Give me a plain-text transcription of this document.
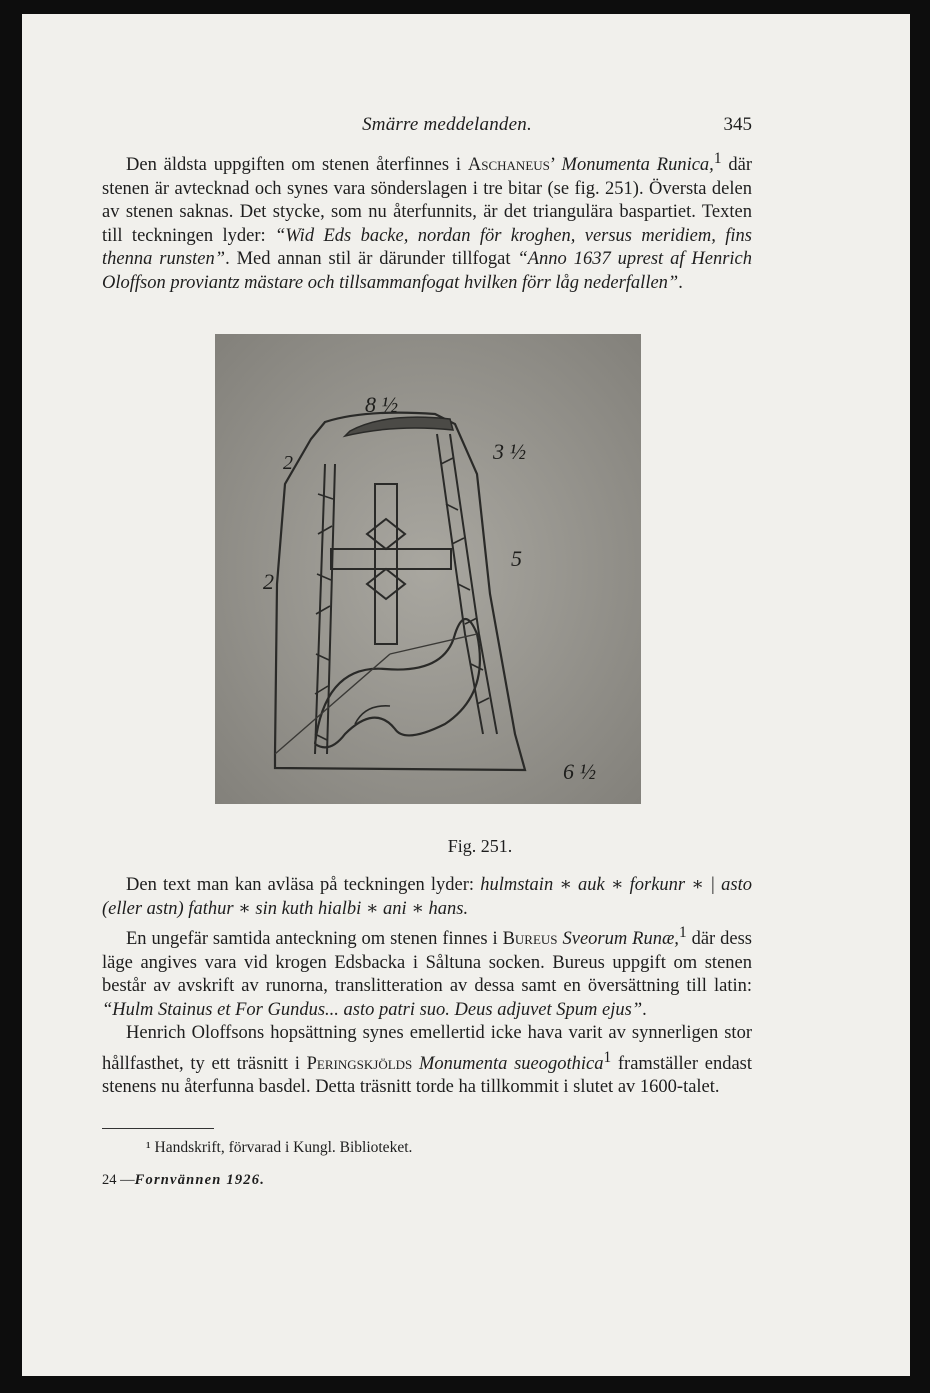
Smärre meddelanden.	345

Den äldsta uppgiften om stenen återfinnes i Aschaneus’ Monumenta Runica,$^1$ där stenen är avtecknad och synes vara sönderslagen i tre bitar (se fig. 251). Översta delen av stenen saknas. Det stycke, som nu återfunnits, är det triangulära baspartiet. Texten till teckningen lyder: “Wid Eds backe, nordan för kroghen, versus meridiem, fins thenna runsten”. Med annan stil är därunder tillfogat “Anno 1637 uprest af Henrich Oloffson proviantz mästare och tillsammanfogat hvilken förr låg nederfallen”.

8 ½
3 ½
5
6 ½
2
2
Fig. 251.

Den text man kan avläsa på teckningen lyder: hulmstain ∗ auk ∗ forkunr ∗ | asto (eller astn) fathur ∗ sin kuth hialbi ∗ ani ∗ hans.

En ungefär samtida anteckning om stenen finnes i Bureus Sveorum Runæ,$^1$ där dess läge angives vara vid krogen Edsbacka i Såltuna socken. Bureus uppgift om stenen består av avskrift av runorna, translitteration av dessa samt en översättning till latin: “Hulm Stainus et For Gundus... asto patri suo. Deus adjuvet Spum ejus”.

Henrich Oloffsons hopsättning synes emellertid icke hava varit av synnerligen stor hållfasthet, ty ett träsnitt i Peringskjölds Monumenta sueogothica$^1$ framställer endast stenens nu återfunna basdel. Detta träsnitt torde ha tillkommit i slutet av 1600-talet.

¹ Handskrift, förvarad i Kungl. Biblioteket.
24 —Fornvännen 1926.
